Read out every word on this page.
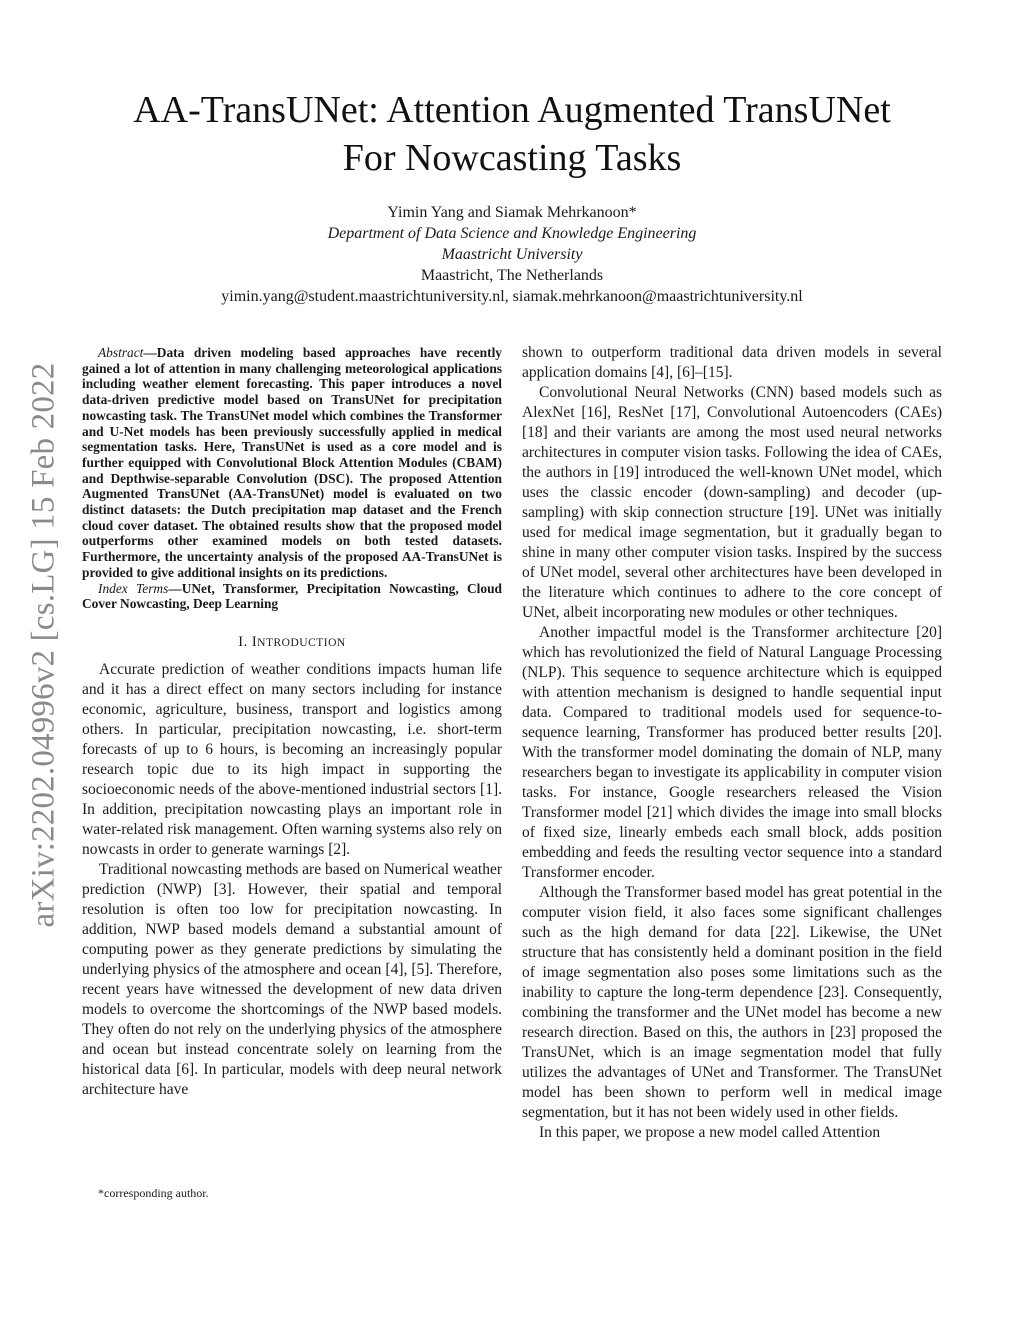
arXiv:2202.04996v2 [cs.LG] 15 Feb 2022
AA-TransUNet: Attention Augmented TransUNet
For Nowcasting Tasks
Yimin Yang and Siamak Mehrkanoon*
Department of Data Science and Knowledge Engineering
Maastricht University
Maastricht, The Netherlands
yimin.yang@student.maastrichtuniversity.nl, siamak.mehrkanoon@maastrichtuniversity.nl

Abstract—Data driven modeling based approaches have recently gained a lot of attention in many challenging meteorological applications including weather element forecasting. This paper introduces a novel data-driven predictive model based on TransUNet for precipitation nowcasting task. The TransUNet model which combines the Transformer and U-Net models has been previously successfully applied in medical segmentation tasks. Here, TransUNet is used as a core model and is further equipped with Convolutional Block Attention Modules (CBAM) and Depthwise-separable Convolution (DSC). The proposed Attention Augmented TransUNet (AA-TransUNet) model is evaluated on two distinct datasets: the Dutch precipitation map dataset and the French cloud cover dataset. The obtained results show that the proposed model outperforms other examined models on both tested datasets. Furthermore, the uncertainty analysis of the proposed AA-TransUNet is provided to give additional insights on its predictions.

Index Terms—UNet, Transformer, Precipitation Nowcasting, Cloud Cover Nowcasting, Deep Learning

I. INTRODUCTION

Accurate prediction of weather conditions impacts human life and it has a direct effect on many sectors including for instance economic, agriculture, business, transport and logistics among others. In particular, precipitation nowcasting, i.e. short-term forecasts of up to 6 hours, is becoming an increasingly popular research topic due to its high impact in supporting the socioeconomic needs of the above-mentioned industrial sectors [1]. In addition, precipitation nowcasting plays an important role in water-related risk management. Often warning systems also rely on nowcasts in order to generate warnings [2].

Traditional nowcasting methods are based on Numerical weather prediction (NWP) [3]. However, their spatial and temporal resolution is often too low for precipitation nowcasting. In addition, NWP based models demand a substantial amount of computing power as they generate predictions by simulating the underlying physics of the atmosphere and ocean [4], [5]. Therefore, recent years have witnessed the development of new data driven models to overcome the shortcomings of the NWP based models. They often do not rely on the underlying physics of the atmosphere and ocean but instead concentrate solely on learning from the historical data [6]. In particular, models with deep neural network architecture have

*corresponding author.

shown to outperform traditional data driven models in several application domains [4], [6]–[15].

Convolutional Neural Networks (CNN) based models such as AlexNet [16], ResNet [17], Convolutional Autoencoders (CAEs) [18] and their variants are among the most used neural networks architectures in computer vision tasks. Following the idea of CAEs, the authors in [19] introduced the well-known UNet model, which uses the classic encoder (down-sampling) and decoder (up-sampling) with skip connection structure [19]. UNet was initially used for medical image segmentation, but it gradually began to shine in many other computer vision tasks. Inspired by the success of UNet model, several other architectures have been developed in the literature which continues to adhere to the core concept of UNet, albeit incorporating new modules or other techniques.

Another impactful model is the Transformer architecture [20] which has revolutionized the field of Natural Language Processing (NLP). This sequence to sequence architecture which is equipped with attention mechanism is designed to handle sequential input data. Compared to traditional models used for sequence-to-sequence learning, Transformer has produced better results [20]. With the transformer model dominating the domain of NLP, many researchers began to investigate its applicability in computer vision tasks. For instance, Google researchers released the Vision Transformer model [21] which divides the image into small blocks of fixed size, linearly embeds each small block, adds position embedding and feeds the resulting vector sequence into a standard Transformer encoder.

Although the Transformer based model has great potential in the computer vision field, it also faces some significant challenges such as the high demand for data [22]. Likewise, the UNet structure that has consistently held a dominant position in the field of image segmentation also poses some limitations such as the inability to capture the long-term dependence [23]. Consequently, combining the transformer and the UNet model has become a new research direction. Based on this, the authors in [23] proposed the TransUNet, which is an image segmentation model that fully utilizes the advantages of UNet and Transformer. The TransUNet model has been shown to perform well in medical image segmentation, but it has not been widely used in other fields.

In this paper, we propose a new model called Attention
